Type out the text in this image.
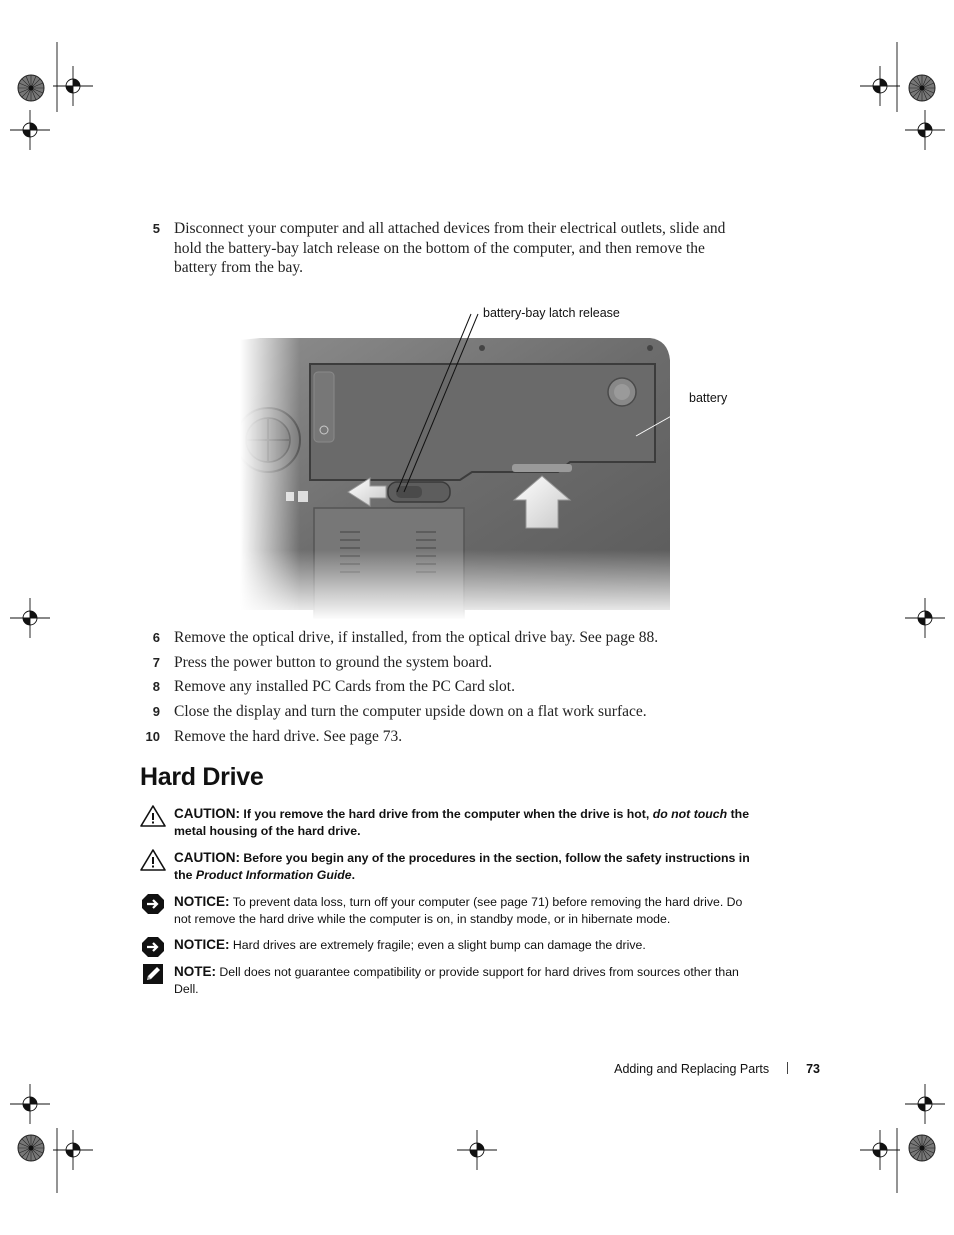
5 Disconnect your computer and all attached devices from their electrical outlets, slide and hold the battery-bay latch release on the bottom of the computer, and then remove the battery from the bay.
battery-bay latch release
battery
6 Remove the optical drive, if installed, from the optical drive bay. See page 88.
7 Press the power button to ground the system board.
8 Remove any installed PC Cards from the PC Card slot.
9 Close the display and turn the computer upside down on a flat work surface.
10 Remove the hard drive. See page 73.
Hard Drive
CAUTION: If you remove the hard drive from the computer when the drive is hot, do not touch the metal housing of the hard drive.
CAUTION: Before you begin any of the procedures in the section, follow the safety instructions in the Product Information Guide.
NOTICE: To prevent data loss, turn off your computer (see page 71) before removing the hard drive. Do not remove the hard drive while the computer is on, in standby mode, or in hibernate mode.
NOTICE: Hard drives are extremely fragile; even a slight bump can damage the drive.
NOTE: Dell does not guarantee compatibility or provide support for hard drives from sources other than Dell.
Adding and Replacing Parts	73
